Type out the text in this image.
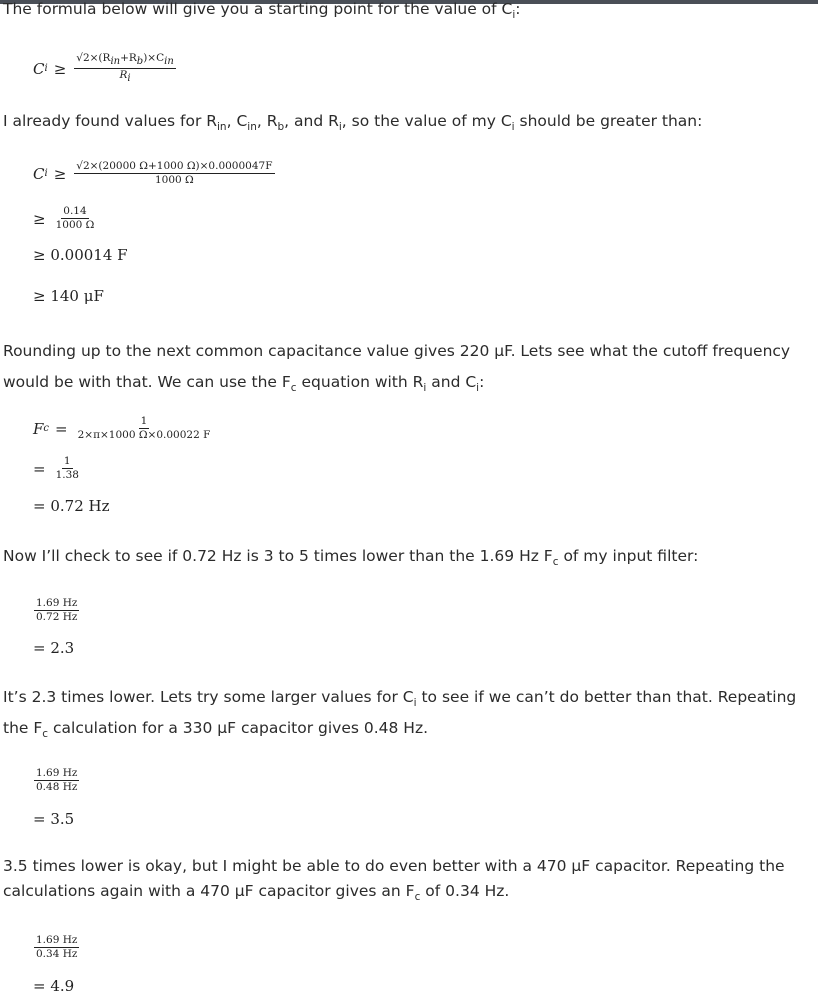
The formula below will give you a starting point for the value of $C_i$:

C $i \ge \frac{\text{√2×(Rin+Rb)×Cin}}{Ri}$

I already found values for $R_{in}$, $C_{in}$, $R_b$, and $R_i$, so the value of my $C_i$ should be greater than:

C $i \ge \frac{√2\times(20000 \Omega+1000 \Omega)\times 0.0000047F}{1000 \Omega}$
≥ $\frac{0.14}{1000 \Omega}$
≥ 0.00014 F
≥ 140 μF

Rounding up to the next common capacitance value gives 220 μF. Lets see what the cutoff frequency would be with that. We can use the $F_c$ equation with $R_i$ and $C_i$:

F $c = \frac{1}{2\times\pi\times 1000 \Omega\times 0.00022 F}$
= $\frac{1}{1.38}$
= 0.72 Hz

Now I’ll check to see if 0.72 Hz is 3 to 5 times lower than the 1.69 Hz $F_c$ of my input filter:

$\frac{1.69 Hz}{0.72 Hz}$
= 2.3

It’s 2.3 times lower. Lets try some larger values for $C_i$ to see if we can’t do better than that. Repeating the $F_c$ calculation for a 330 μF capacitor gives 0.48 Hz.

$\frac{1.69 Hz}{0.48 Hz}$
= 3.5

3.5 times lower is okay, but I might be able to do even better with a 470 μF capacitor. Repeating the calculations again with a 470 μF capacitor gives an $F_c$ of 0.34 Hz.

$\frac{1.69 Hz}{0.34 Hz}$
= 4.9
